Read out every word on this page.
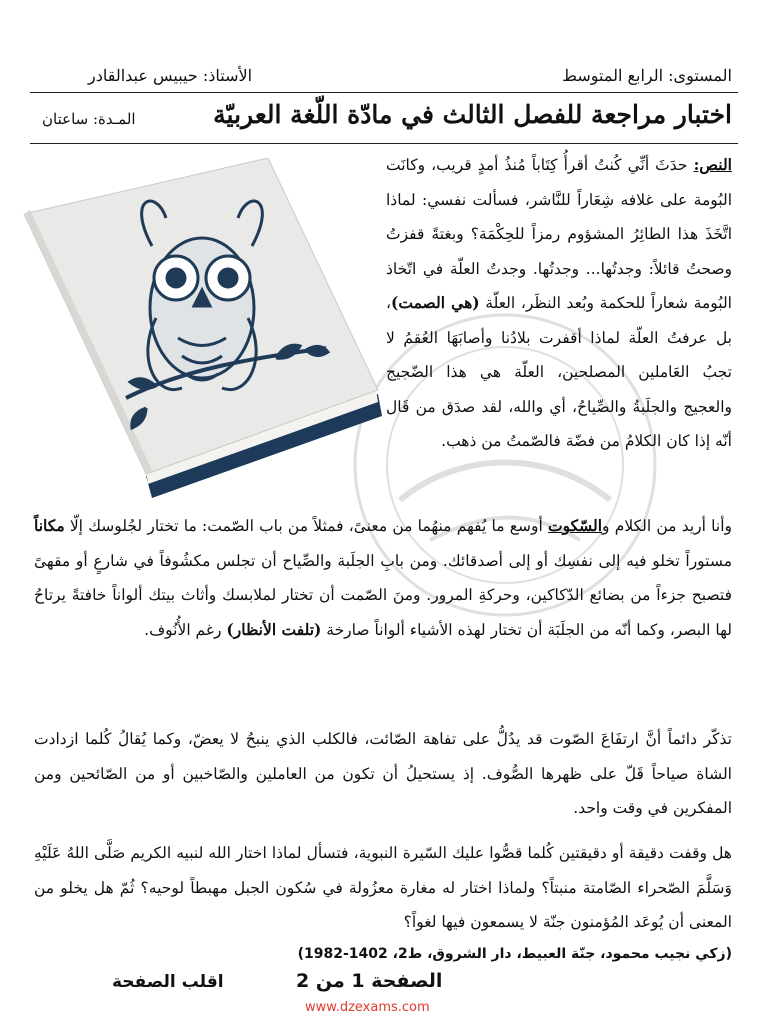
المستوى: الرابع المتوسط
الأستاذ: حيبيس عبدالقادر
اختبار مراجعة للفصل الثالث في مادّة اللّغة العربيّة
المـدة: ساعتان
النص: حدَثَ أنِّي كُنتُ أقرأُ كِتَاباً مُنذُ أمدٍ قريب، وكانَت البُومة على غلافه شِعَاراً للنَّاشر، فسألت نفسي: لماذا اتَّخَذَ هذا الطائِرُ المشؤوم رمزاً للحِكْمَة؟ وبغتةً قفزتُ وصحتُ قائلاً: وجدتُها... وجدتُها. وجدتُ العلّة في اتّخاذ البُومة شعاراً للحكمة وبُعد النظَر، العلّة (هي الصمت)، بل عرفتُ العلّة لماذا أقفرت بلادُنا وأصابَهَا العُقمُ لا تجبُ العَاملين المصلحين، العلّة هي هذا الضّجيج والعجيج والجلَبةُ والصِّياحُ، أي والله، لقد صدَق من قَال أنّه إذا كان الكلامُ من فضّة فالصّمتُ من ذهب.
وأنا أريد من الكلام والسّكوت أوسع ما يُفهم منهُما من معنىً، فمثلاً من باب الصّمت: ما تختار لجُلوسك إلّا مكاناً مستوراً تخلو فيه إلى نفسِك أو إلى أصدقائك. ومن بابِ الجلَبة والصِّياح أن تجلس مكشُوفاً في شارعٍ أو مقهىً فتصبح جزءاً من بضائع الدّكاكين، وحركةِ المرور. ومنَ الصّمت أن تختار لملابسك وأثاث بيتك ألواناً خافتةً يرتاحُ لها البصر، وكما أنّه من الجلَبَة أن تختار لهذه الأشياء ألواناً صارخة (تلفت الأنظار) رغم الأُنُوف.
تذكّر دائماً أنَّ ارتفَاعَ الصّوت قد يدُلُّ على تفاهة الصّائت، فالكلب الذي ينبحُ لا يعضّ، وكما يُقالُ كُلما ازدادت الشاة صياحاً قَلّ على ظهرها الصُّوف. إذ يستحيلُ أن تكون من العاملين والصّاخبين أو من الصّائحين ومن المفكرين في وقت واحد.
هل وقفت دقيقة أو دقيقتين كُلما قصُّوا عليك السّيرة النبوية، فتسأل لماذا اختار الله لنبيه الكريم صَلَّى اللهُ عَلَيْهِ وَسَلَّمَ الصّحراء الصّامتة منبتاً؟ ولماذا اختار له مغارة معزُولة في سُكون الجبل مهبطاً لوحيه؟ ثُمّ هل يخلو من المعنى أن يُوعَد المُؤمنون جنّة لا يسمعون فيها لغواً؟
(زكي نجيب محمود، جنّة العبيط، دار الشروق، ط2، 1402-1982)
الصفحة 1 من 2
اقلب الصفحة
www.dzexams.com
